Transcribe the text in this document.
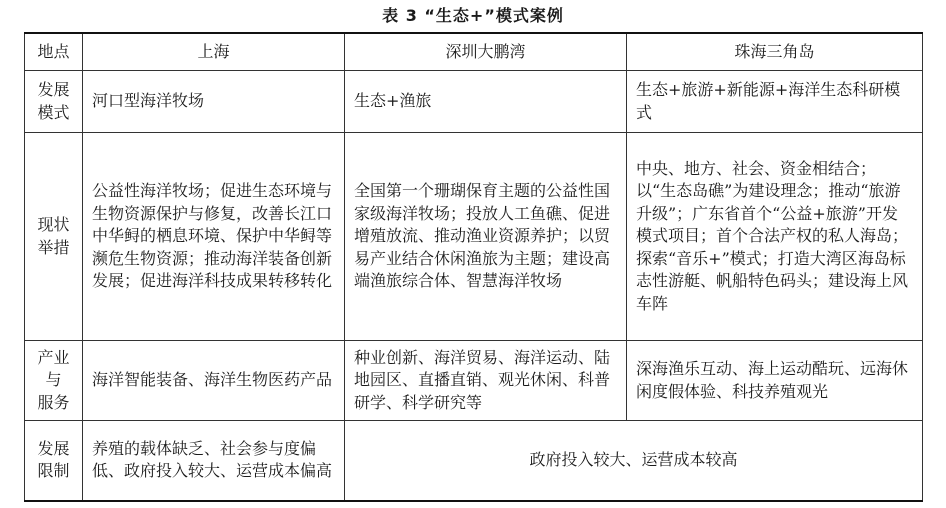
表 3 “生态+”模式案例
地点	上海	深圳大鹏湾	珠海三角岛
发展
模式	河口型海洋牧场	生态+渔旅	生态+旅游+新能源+海洋生态科研模式
现状
举措	公益性海洋牧场；促进生态环境与生物资源保护与修复，改善长江口中华鲟的栖息环境、保护中华鲟等濒危生物资源；推动海洋装备创新发展；促进海洋科技成果转移转化	全国第一个珊瑚保育主题的公益性国家级海洋牧场；投放人工鱼礁、促进增殖放流、推动渔业资源养护；以贸易产业结合休闲渔旅为主题；建设高端渔旅综合体、智慧海洋牧场	中央、地方、社会、资金相结合；以“生态岛礁”为建设理念；推动“旅游升级”；广东省首个“公益+旅游”开发模式项目；首个合法产权的私人海岛；探索“音乐+”模式；打造大湾区海岛标志性游艇、帆船特色码头；建设海上风车阵
产业
与
服务	海洋智能装备、海洋生物医药产品	种业创新、海洋贸易、海洋运动、陆地园区、直播直销、观光休闲、科普研学、科学研究等	深海渔乐互动、海上运动酷玩、远海休闲度假体验、科技养殖观光
发展
限制	养殖的载体缺乏、社会参与度偏低、政府投入较大、运营成本偏高	政府投入较大、运营成本较高	
